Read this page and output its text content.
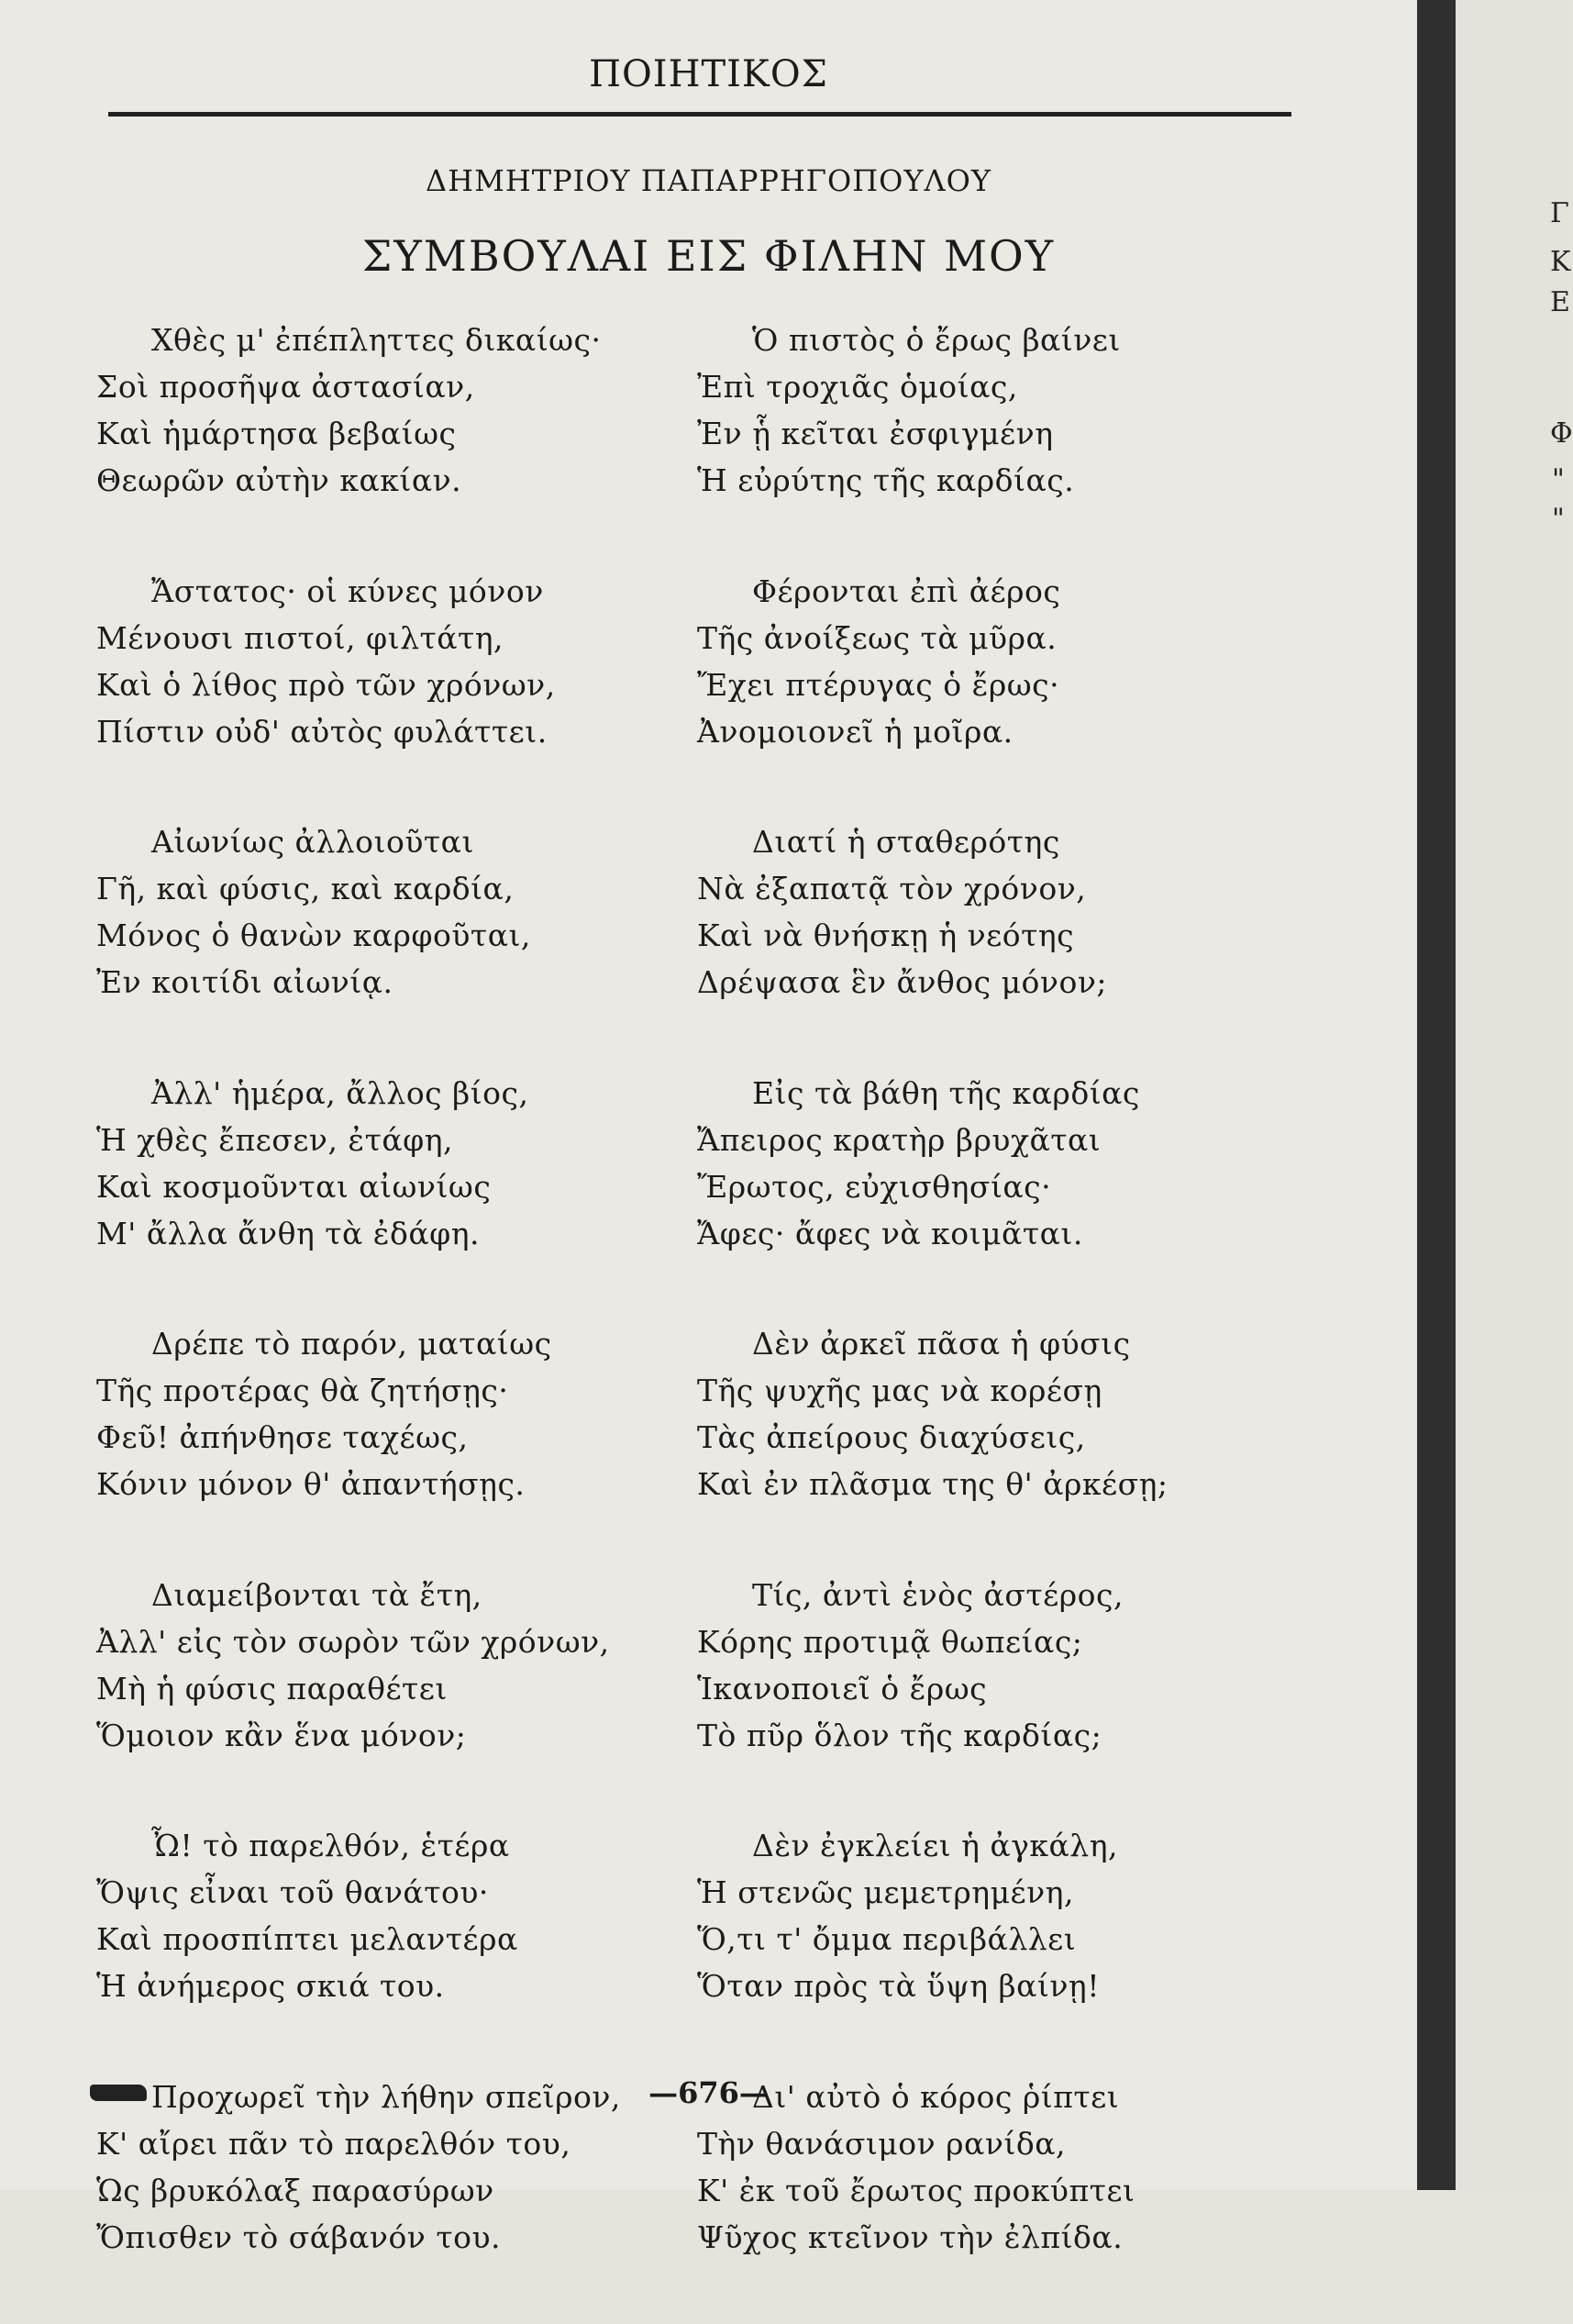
ΠΟΙΗΤΙΚΟΣ
ΔΗΜΗΤΡΙΟΥ ΠΑΠΑΡΡΗΓΟΠΟΥΛΟΥ
ΣΥΜΒΟΥΛΑΙ ΕΙΣ ΦΙΛΗΝ ΜΟΥ
Χθὲς μ' ἐπέπληττες δικαίως·
Σοὶ προσῆψα ἀστασίαν,
Καὶ ἡμάρτησα βεβαίως
Θεωρῶν αὐτὴν κακίαν.
Ἄστατος· οἱ κύνες μόνον
Μένουσι πιστοί, φιλτάτη,
Καὶ ὁ λίθος πρὸ τῶν χρόνων,
Πίστιν οὐδ' αὐτὸς φυλάττει.
Αἰωνίως ἀλλοιοῦται
Γῆ, καὶ φύσις, καὶ καρδία,
Μόνος ὁ θανὼν καρφοῦται,
Ἐν κοιτίδι αἰωνίᾳ.
Ἀλλ' ἡμέρα, ἄλλος βίος,
Ἡ χθὲς ἔπεσεν, ἐτάφη,
Καὶ κοσμοῦνται αἰωνίως
Μ' ἄλλα ἄνθη τὰ ἐδάφη.
Δρέπε τὸ παρόν, ματαίως
Τῆς προτέρας θὰ ζητήσῃς·
Φεῦ! ἀπήνθησε ταχέως,
Κόνιν μόνον θ' ἀπαντήσῃς.
Διαμείβονται τὰ ἔτη,
Ἀλλ' εἰς τὸν σωρὸν τῶν χρόνων,
Μὴ ἡ φύσις παραθέτει
Ὅμοιον κἂν ἕνα μόνον;
Ὦ! τὸ παρελθόν, ἑτέρα
Ὄψις εἶναι τοῦ θανάτου·
Καὶ προσπίπτει μελαντέρα
Ἡ ἀνήμερος σκιά του.
Προχωρεῖ τὴν λήθην σπεῖρον,
Κ' αἴρει πᾶν τὸ παρελθόν του,
Ὡς βρυκόλαξ παρασύρων
Ὄπισθεν τὸ σάβανόν του.
Ὁ πιστὸς ὁ ἔρως βαίνει
Ἐπὶ τροχιᾶς ὁμοίας,
Ἐν ᾗ κεῖται ἐσφιγμένη
Ἡ εὐρύτης τῆς καρδίας.
Φέρονται ἐπὶ ἀέρος
Τῆς ἀνοίξεως τὰ μῦρα.
Ἔχει πτέρυγας ὁ ἔρως·
Ἀνομοιονεῖ ἡ μοῖρα.
Διατί ἡ σταθερότης
Νὰ ἐξαπατᾷ τὸν χρόνον,
Καὶ νὰ θνήσκῃ ἡ νεότης
Δρέψασα ἓν ἄνθος μόνον;
Εἰς τὰ βάθη τῆς καρδίας
Ἄπειρος κρατὴρ βρυχᾶται
Ἔρωτος, εὐχισθησίας·
Ἄφες· ἄφες νὰ κοιμᾶται.
Δὲν ἀρκεῖ πᾶσα ἡ φύσις
Τῆς ψυχῆς μας νὰ κορέσῃ
Τὰς ἀπείρους διαχύσεις,
Καὶ ἐν πλᾶσμα της θ' ἀρκέσῃ;
Τίς, ἀντὶ ἑνὸς ἀστέρος,
Κόρης προτιμᾷ θωπείας;
Ἱκανοποιεῖ ὁ ἔρως
Τὸ πῦρ ὅλον τῆς καρδίας;
Δὲν ἐγκλείει ἡ ἀγκάλη,
Ἡ στενῶς μεμετρημένη,
Ὅ,τι τ' ὄμμα περιβάλλει
Ὅταν πρὸς τὰ ὕψη βαίνῃ!
Δι' αὐτὸ ὁ κόρος ῥίπτει
Τὴν θανάσιμον ρανίδα,
Κ' ἐκ τοῦ ἔρωτος προκύπτει
Ψῦχος κτεῖνον τὴν ἐλπίδα.
—676—
Γ
Κ
Ε
Φ
"
"
